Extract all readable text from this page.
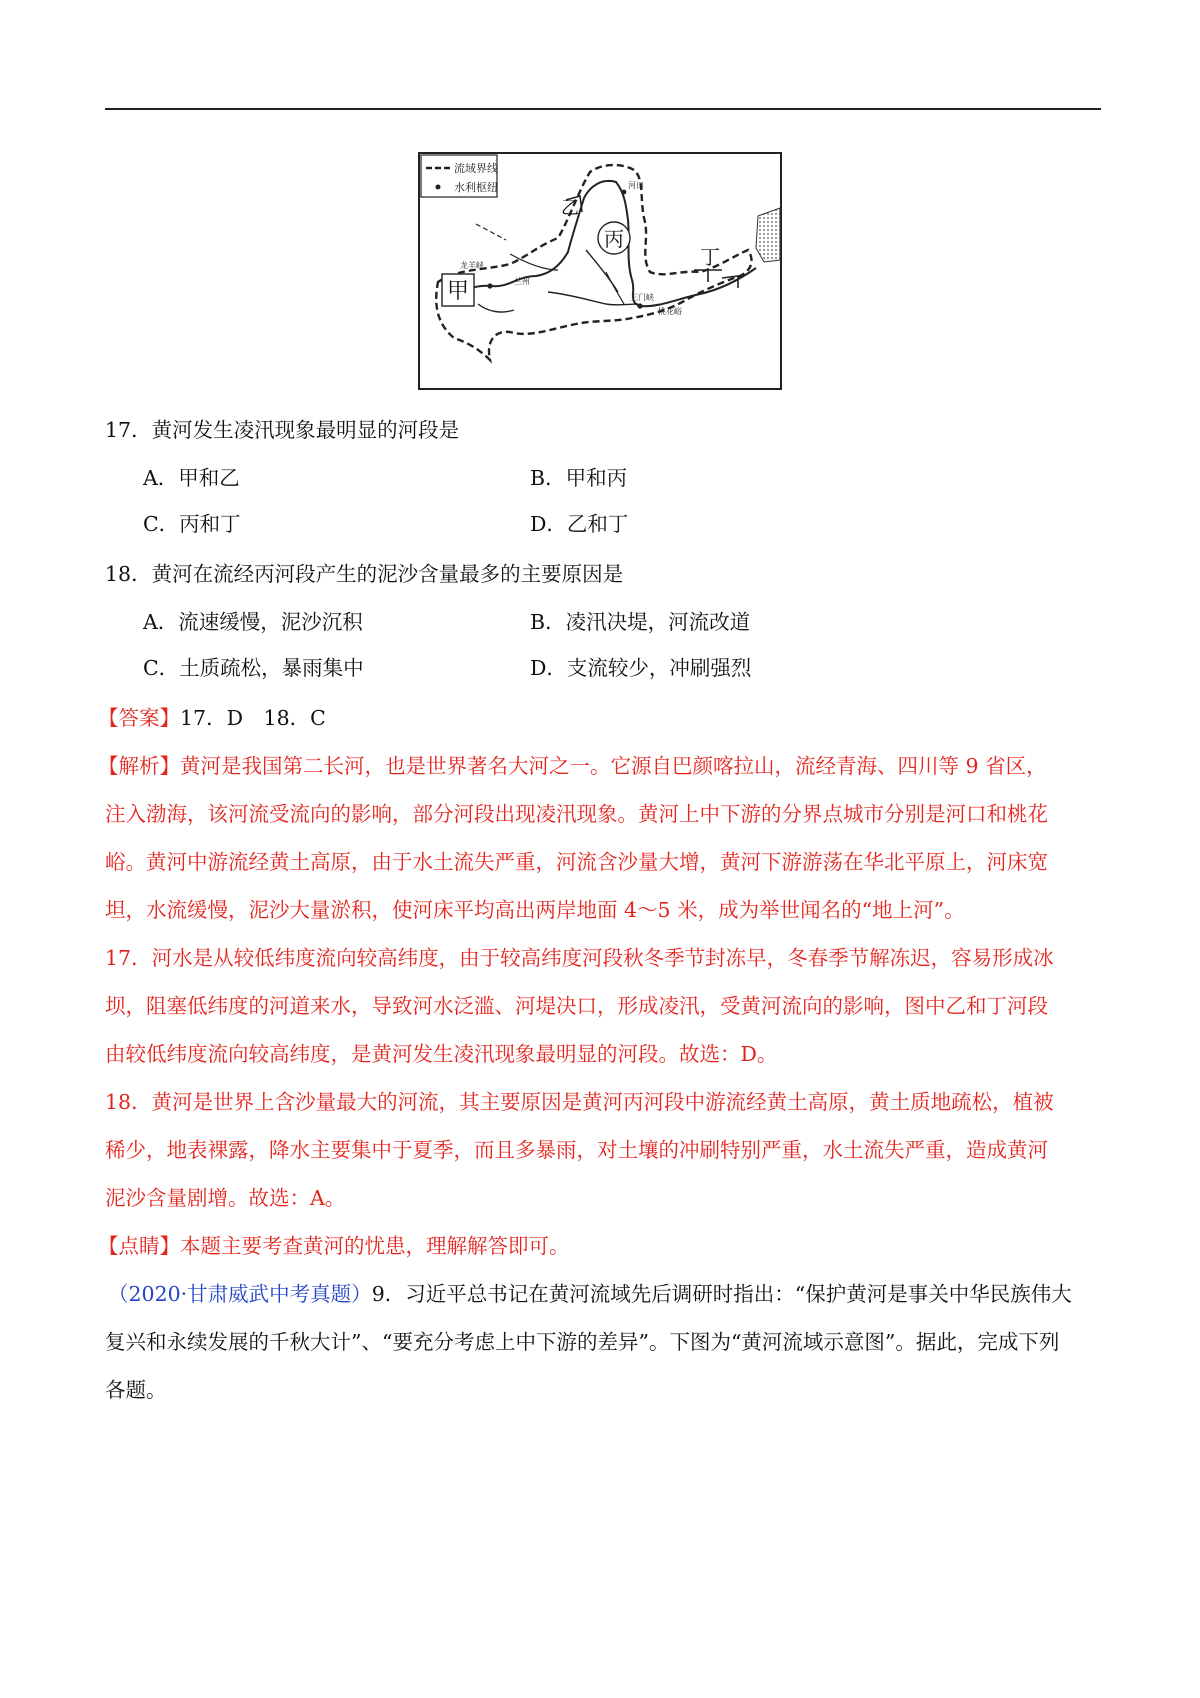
流域界线
水利枢纽
甲
乙
丙
丁
龙羊峡
兰州
河口
三门峡
桃花峪
17．黄河发生凌汛现象最明显的河段是
A．甲和乙	B．甲和丙
C．丙和丁	D．乙和丁
18．黄河在流经丙河段产生的泥沙含量最多的主要原因是
A．流速缓慢，泥沙沉积	B．凌汛决堤，河流改道
C．土质疏松，暴雨集中	D．支流较少，冲刷强烈
【答案】17．D　18．C
【解析】黄河是我国第二长河，也是世界著名大河之一。它源自巴颜喀拉山，流经青海、四川等 9 省区，
注入渤海，该河流受流向的影响，部分河段出现凌汛现象。黄河上中下游的分界点城市分别是河口和桃花
峪。黄河中游流经黄土高原，由于水土流失严重，河流含沙量大增，黄河下游游荡在华北平原上，河床宽
坦，水流缓慢，泥沙大量淤积，使河床平均高出两岸地面 4～5 米，成为举世闻名的“地上河”。
17．河水是从较低纬度流向较高纬度，由于较高纬度河段秋冬季节封冻早，冬春季节解冻迟，容易形成冰
坝，阻塞低纬度的河道来水，导致河水泛滥、河堤决口，形成凌汛，受黄河流向的影响，图中乙和丁河段
由较低纬度流向较高纬度，是黄河发生凌汛现象最明显的河段。故选：D。
18．黄河是世界上含沙量最大的河流，其主要原因是黄河丙河段中游流经黄土高原，黄土质地疏松，植被
稀少，地表裸露，降水主要集中于夏季，而且多暴雨，对土壤的冲刷特别严重，水土流失严重，造成黄河
泥沙含量剧增。故选：A。
【点睛】本题主要考查黄河的忧患，理解解答即可。
（2020·甘肃威武中考真题）9．习近平总书记在黄河流域先后调研时指出：“保护黄河是事关中华民族伟大
复兴和永续发展的千秋大计”、“要充分考虑上中下游的差异”。下图为“黄河流域示意图”。据此，完成下列
各题。
